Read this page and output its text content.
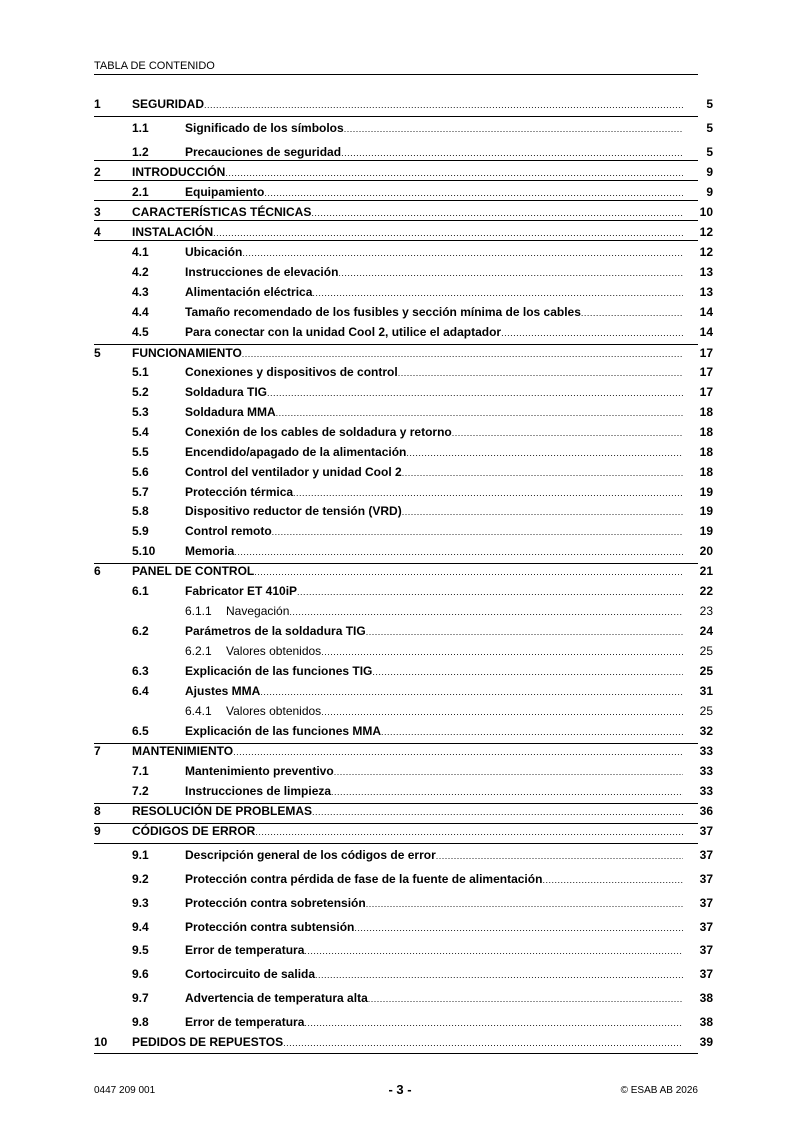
TABLA DE CONTENIDO
1	SEGURIDAD .....	5
1.1	Significado de los símbolos .....	5
1.2	Precauciones de seguridad .....	5
2	INTRODUCCIÓN .....	9
2.1	Equipamiento .....	9
3	CARACTERÍSTICAS TÉCNICAS .....	10
4	INSTALACIÓN .....	12
4.1	Ubicación .....	12
4.2	Instrucciones de elevación .....	13
4.3	Alimentación eléctrica .....	13
4.4	Tamaño recomendado de los fusibles y sección mínima de los cables .....	14
4.5	Para conectar con la unidad Cool 2, utilice el adaptador .....	14
5	FUNCIONAMIENTO .....	17
5.1	Conexiones y dispositivos de control .....	17
5.2	Soldadura TIG .....	17
5.3	Soldadura MMA .....	18
5.4	Conexión de los cables de soldadura y retorno .....	18
5.5	Encendido/apagado de la alimentación .....	18
5.6	Control del ventilador y unidad Cool 2 .....	18
5.7	Protección térmica .....	19
5.8	Dispositivo reductor de tensión (VRD) .....	19
5.9	Control remoto .....	19
5.10 Memoria .....	20
6	PANEL DE CONTROL .....	21
6.1	Fabricator ET 410iP .....	22
6.1.1 Navegación .....	23
6.2	Parámetros de la soldadura TIG .....	24
6.2.1 Valores obtenidos .....	25
6.3	Explicación de las funciones TIG .....	25
6.4	Ajustes MMA .....	31
6.4.1 Valores obtenidos .....	25
6.5	Explicación de las funciones MMA .....	32
7	MANTENIMIENTO .....	33
7.1	Mantenimiento preventivo .....	33
7.2	Instrucciones de limpieza .....	33
8	RESOLUCIÓN DE PROBLEMAS .....	36
9	CÓDIGOS DE ERROR .....	37
9.1	Descripción general de los códigos de error .....	37
9.2	Protección contra pérdida de fase de la fuente de alimentación .....	37
9.3	Protección contra sobretensión .....	37
9.4	Protección contra subtensión .....	37
9.5	Error de temperatura .....	37
9.6	Cortocircuito de salida .....	37
9.7	Advertencia de temperatura alta .....	38
9.8	Error de temperatura .....	38
10 PEDIDOS DE REPUESTOS .....	39
0447 209 001	- 3 -	© ESAB AB 2026
